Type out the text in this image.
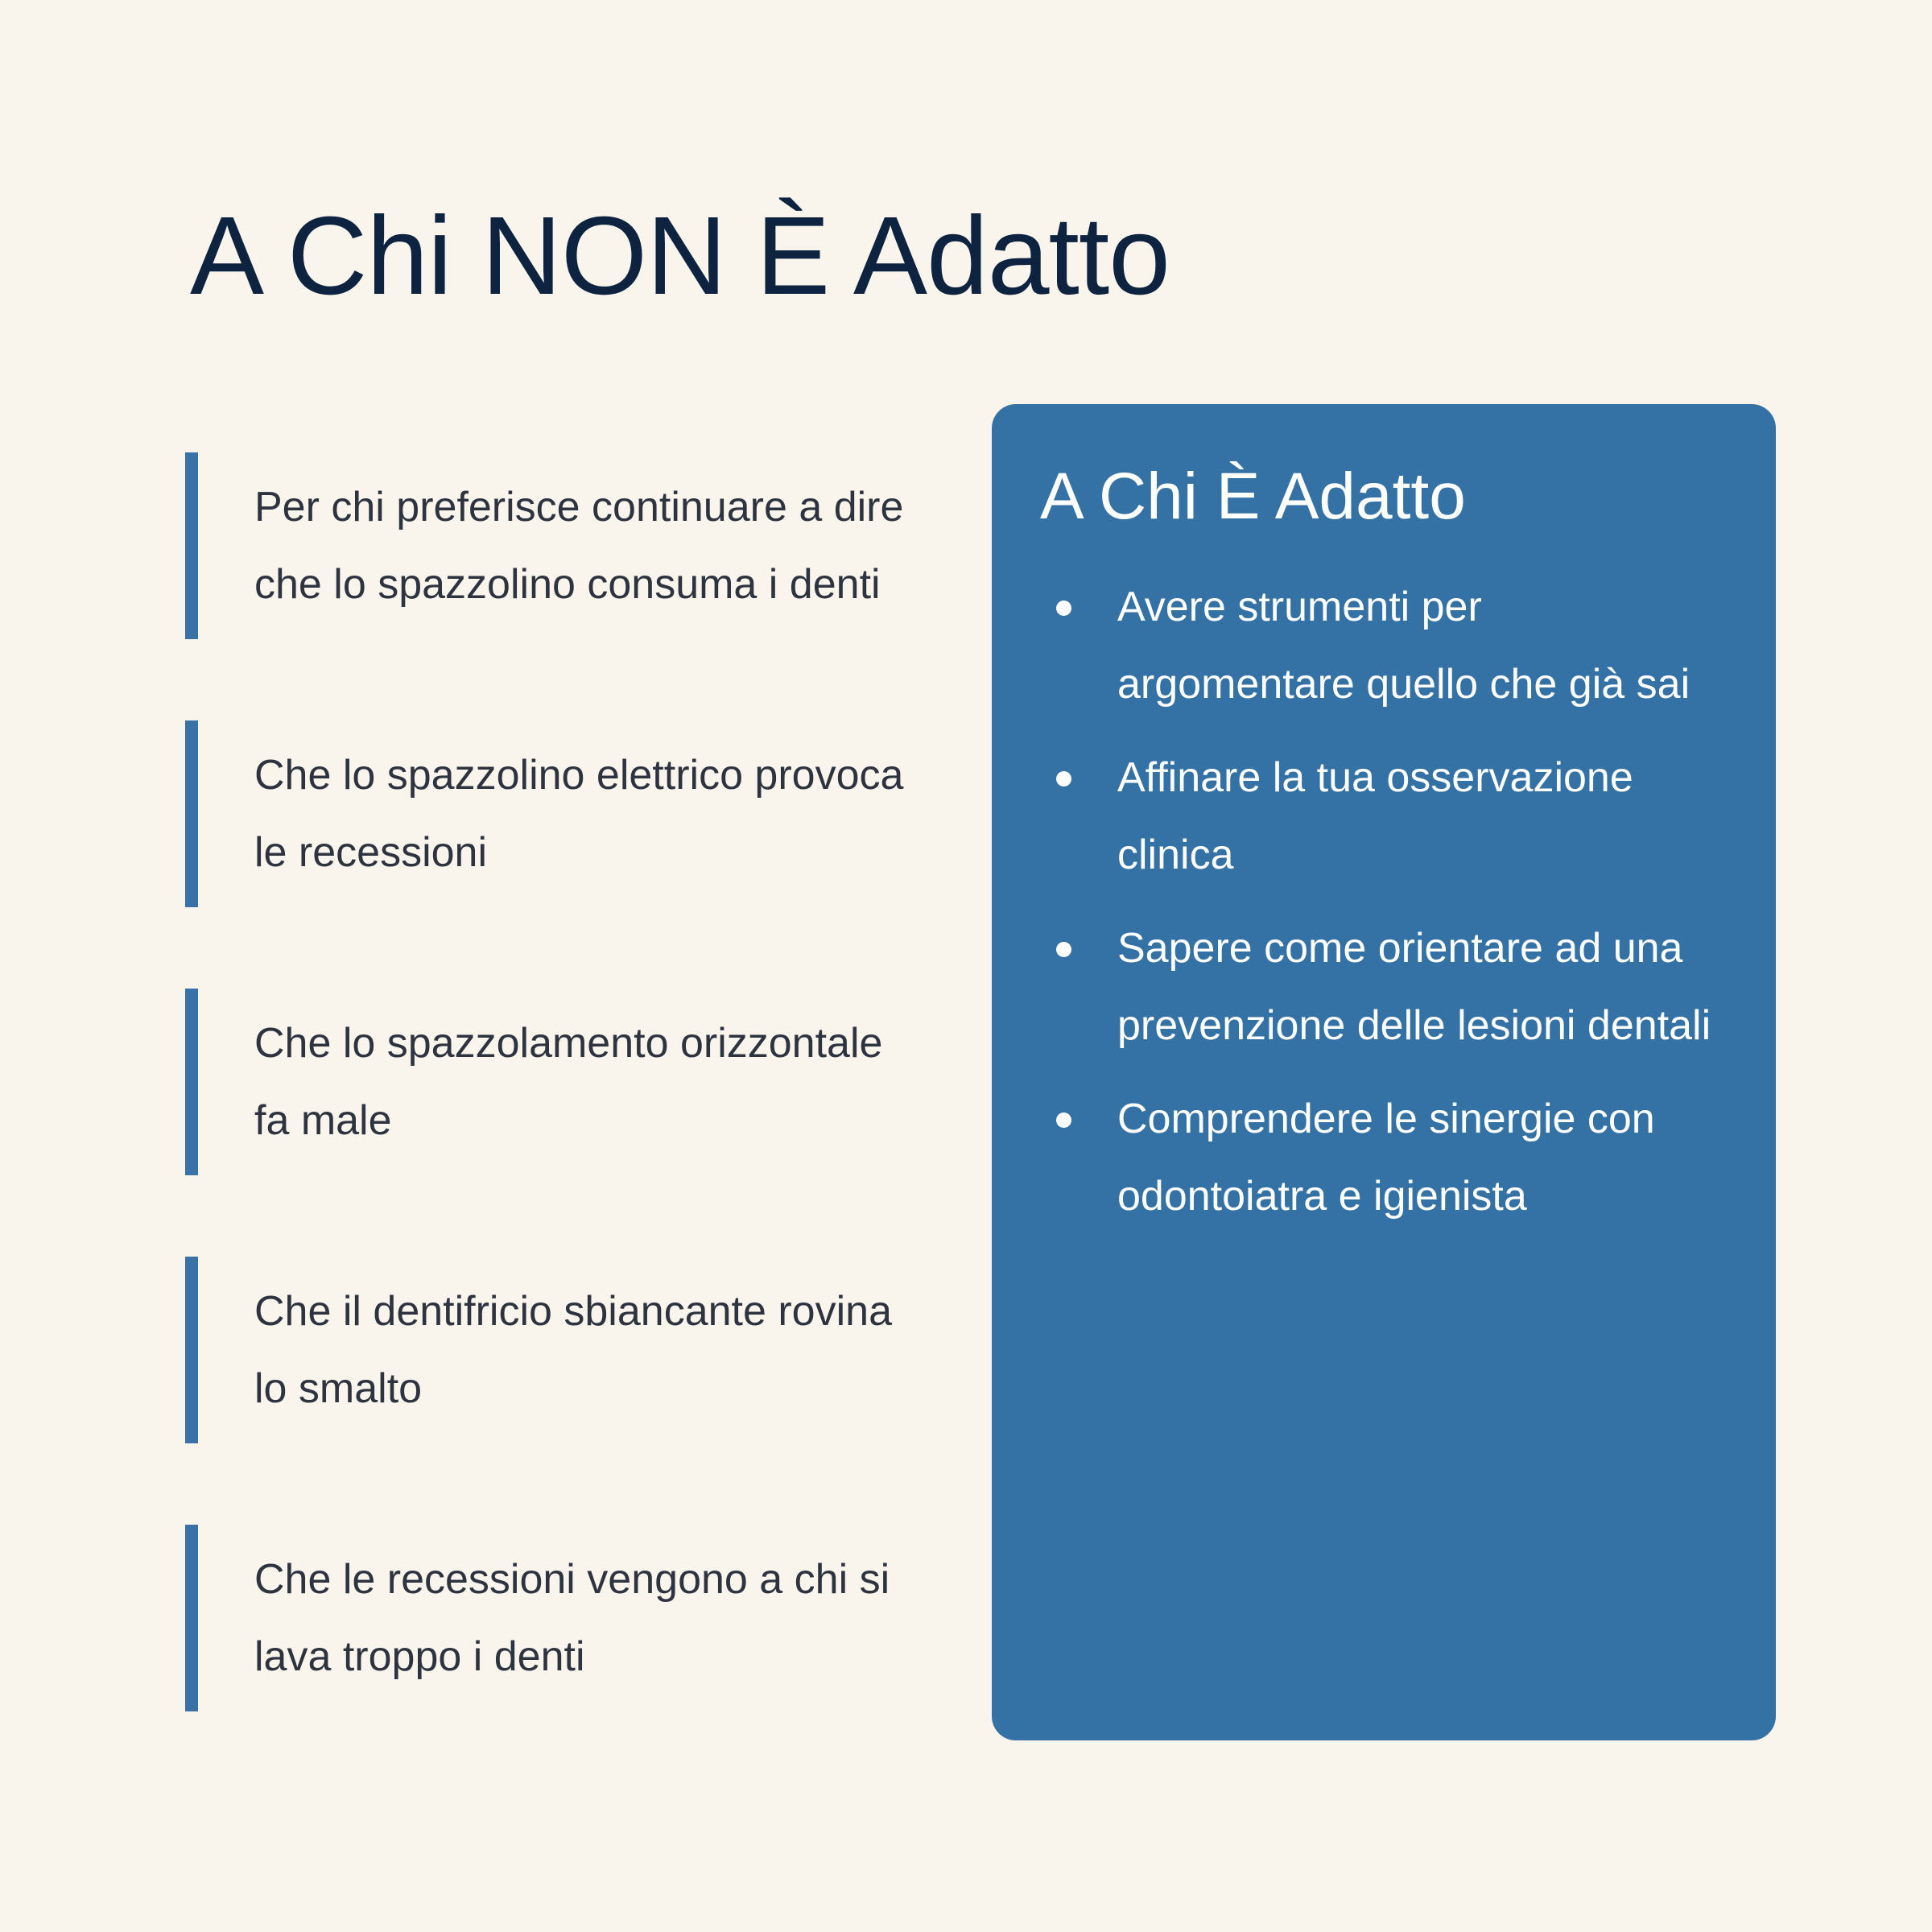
A Chi NON È Adatto
Per chi preferisce continuare a dire che lo spazzolino consuma i denti
Che lo spazzolino elettrico provoca le recessioni
Che lo spazzolamento orizzontale fa male
Che il dentifricio sbiancante rovina lo smalto
Che le recessioni vengono a chi si lava troppo i denti
A Chi È Adatto
Avere strumenti per argomentare quello che già sai
Affinare la tua osservazione clinica
Sapere come orientare ad una prevenzione delle lesioni dentali
Comprendere le sinergie con odontoiatra e igienista
